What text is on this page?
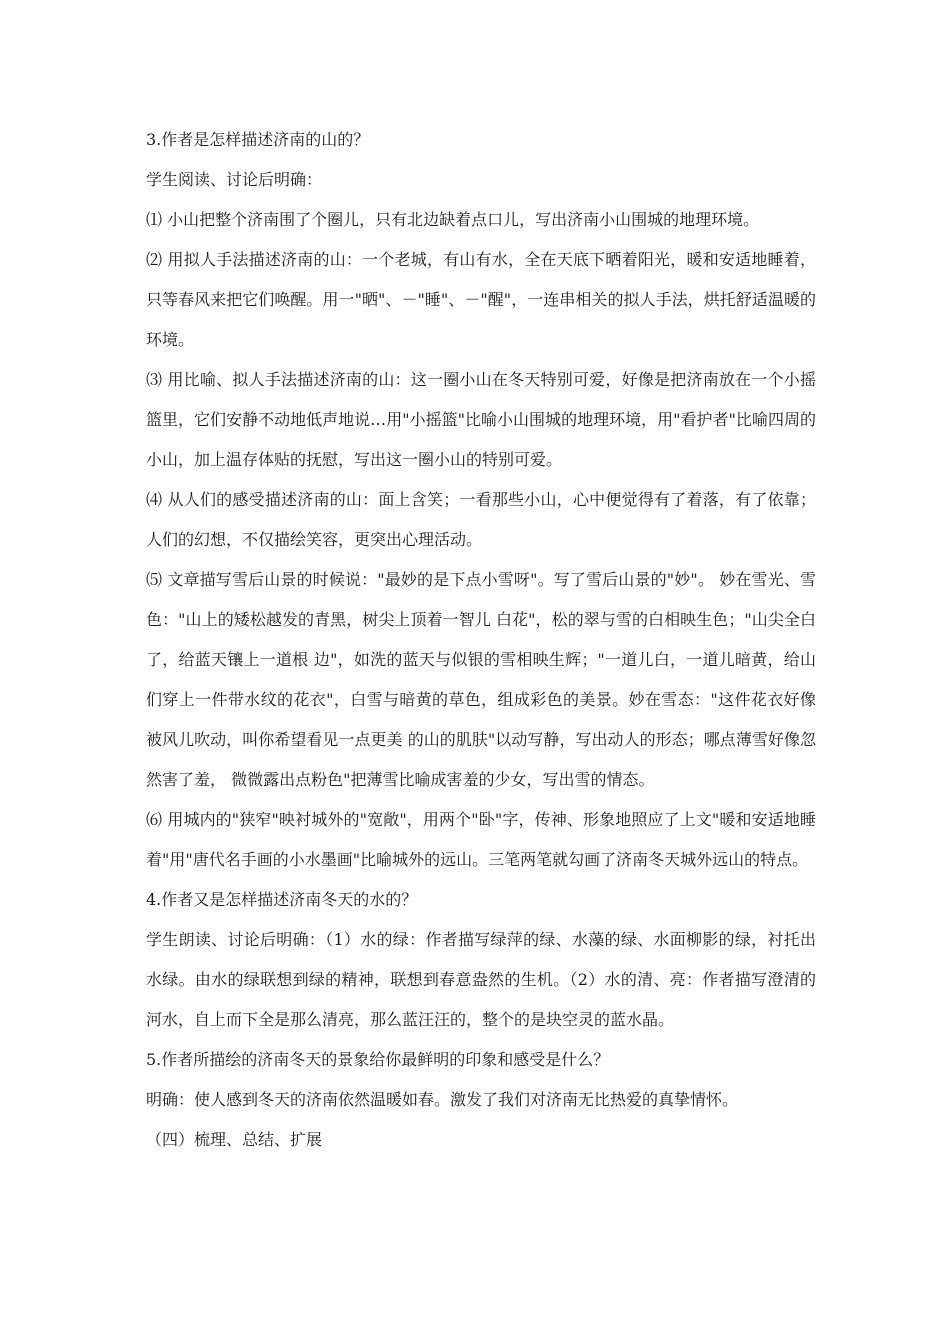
3.作者是怎样描述济南的山的？

学生阅读、讨论后明确：

⑴ 小山把整个济南围了个圈儿，只有北边缺着点口儿，写出济南小山围城的地理环境。

⑵ 用拟人手法描述济南的山：一个老城，有山有水，全在天底下晒着阳光，暖和安适地睡着，只等春风来把它们唤醒。用一"晒"、－"睡"、－"醒"，一连串相关的拟人手法，烘托舒适温暖的环境。

⑶ 用比喻、拟人手法描述济南的山：这一圈小山在冬天特别可爱，好像是把济南放在一个小摇篮里，它们安静不动地低声地说…用"小摇篮"比喻小山围城的地理环境，用"看护者"比喻四周的小山，加上温存体贴的抚慰，写出这一圈小山的特别可爱。

⑷ 从人们的感受描述济南的山：面上含笑；一看那些小山，心中便觉得有了着落，有了依靠；人们的幻想，不仅描绘笑容，更突出心理活动。

⑸ 文章描写雪后山景的时候说："最妙的是下点小雪呀"。写了雪后山景的"妙"。 妙在雪光、雪色："山上的矮松越发的青黑，树尖上顶着一智儿 白花"，松的翠与雪的白相映生色；"山尖全白了，给蓝天镶上一道根 边"，如洗的蓝天与似银的雪相映生辉；"一道儿白，一道儿暗黄，给山们穿上一件带水纹的花衣"，白雪与暗黄的草色，组成彩色的美景。妙在雪态："这件花衣好像被风儿吹动，叫你希望看见一点更美 的山的肌肤"以动写静，写出动人的形态；哪点薄雪好像忽然害了羞， 微微露出点粉色"把薄雪比喻成害羞的少女，写出雪的情态。

⑹ 用城内的"狭窄"映衬城外的"宽敞"，用两个"卧"字，传神、形象地照应了上文"暖和安适地睡着"用"唐代名手画的小水墨画"比喻城外的远山。三笔两笔就勾画了济南冬天城外远山的特点。

4.作者又是怎样描述济南冬天的水的？

学生朗读、讨论后明确：（1）水的绿：作者描写绿萍的绿、水藻的绿、水面柳影的绿，衬托出水绿。由水的绿联想到绿的精神，联想到春意盎然的生机。（2）水的清、亮：作者描写澄清的河水，自上而下全是那么清亮，那么蓝汪汪的，整个的是块空灵的蓝水晶。

5.作者所描绘的济南冬天的景象给你最鲜明的印象和感受是什么？

明确：使人感到冬天的济南依然温暖如春。激发了我们对济南无比热爱的真挚情怀。

（四）梳理、总结、扩展
